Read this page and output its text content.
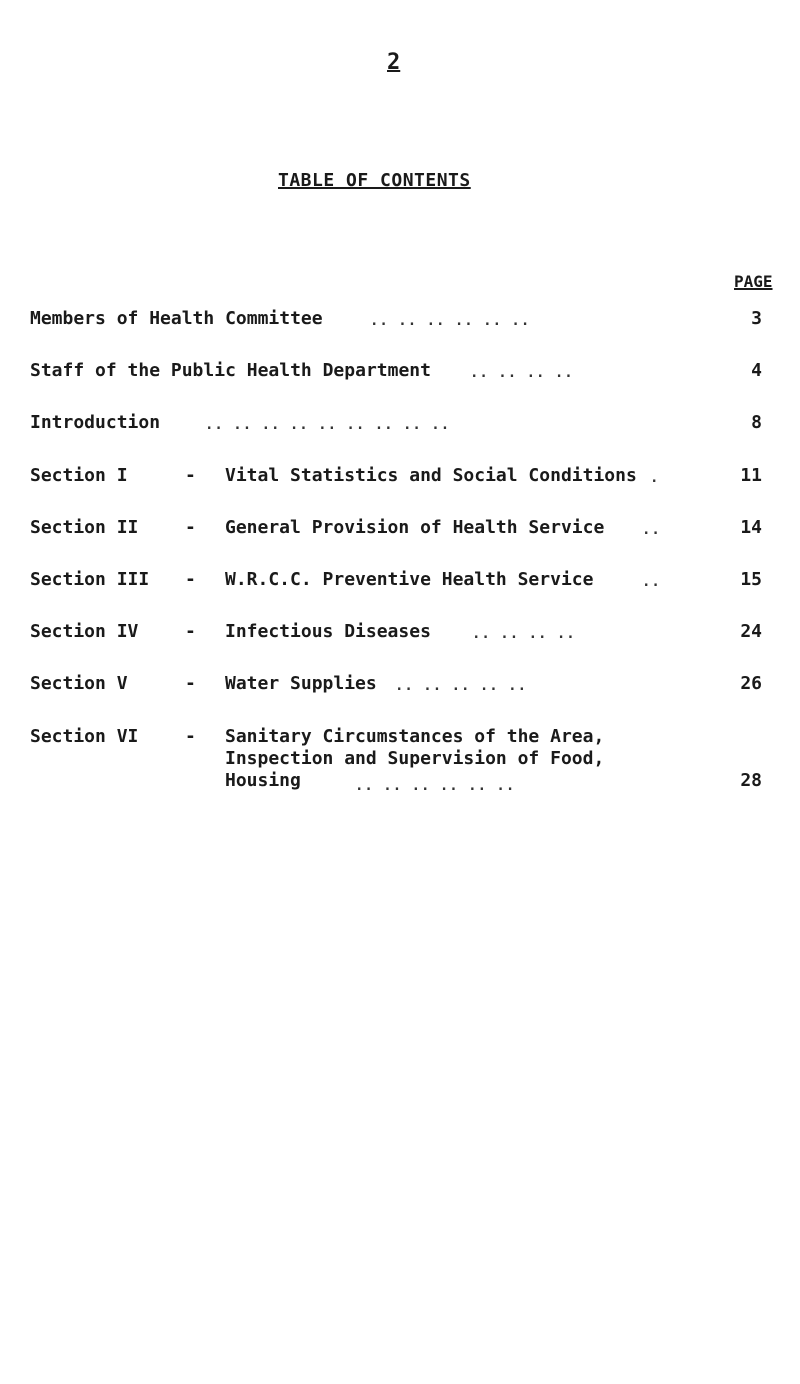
2
TABLE OF CONTENTS
PAGE
Members of Health Committee	.. .. .. .. .. ..	3
Staff of the Public Health Department	.. .. .. ..	4
Introduction	.. .. .. .. .. .. .. .. ..	8
Section I	- Vital Statistics and Social Conditions .	11
Section II	- General Provision of Health Service	..	14
Section III - W.R.C.C. Preventive Health Service	..	15
Section IV	- Infectious Diseases	.. .. .. ..	24
Section V	- Water Supplies .. .. .. .. ..	26
Section VI	- Sanitary Circumstances of the Area,
Inspection and Supervision of Food,
Housing	.. .. .. .. .. ..	28
